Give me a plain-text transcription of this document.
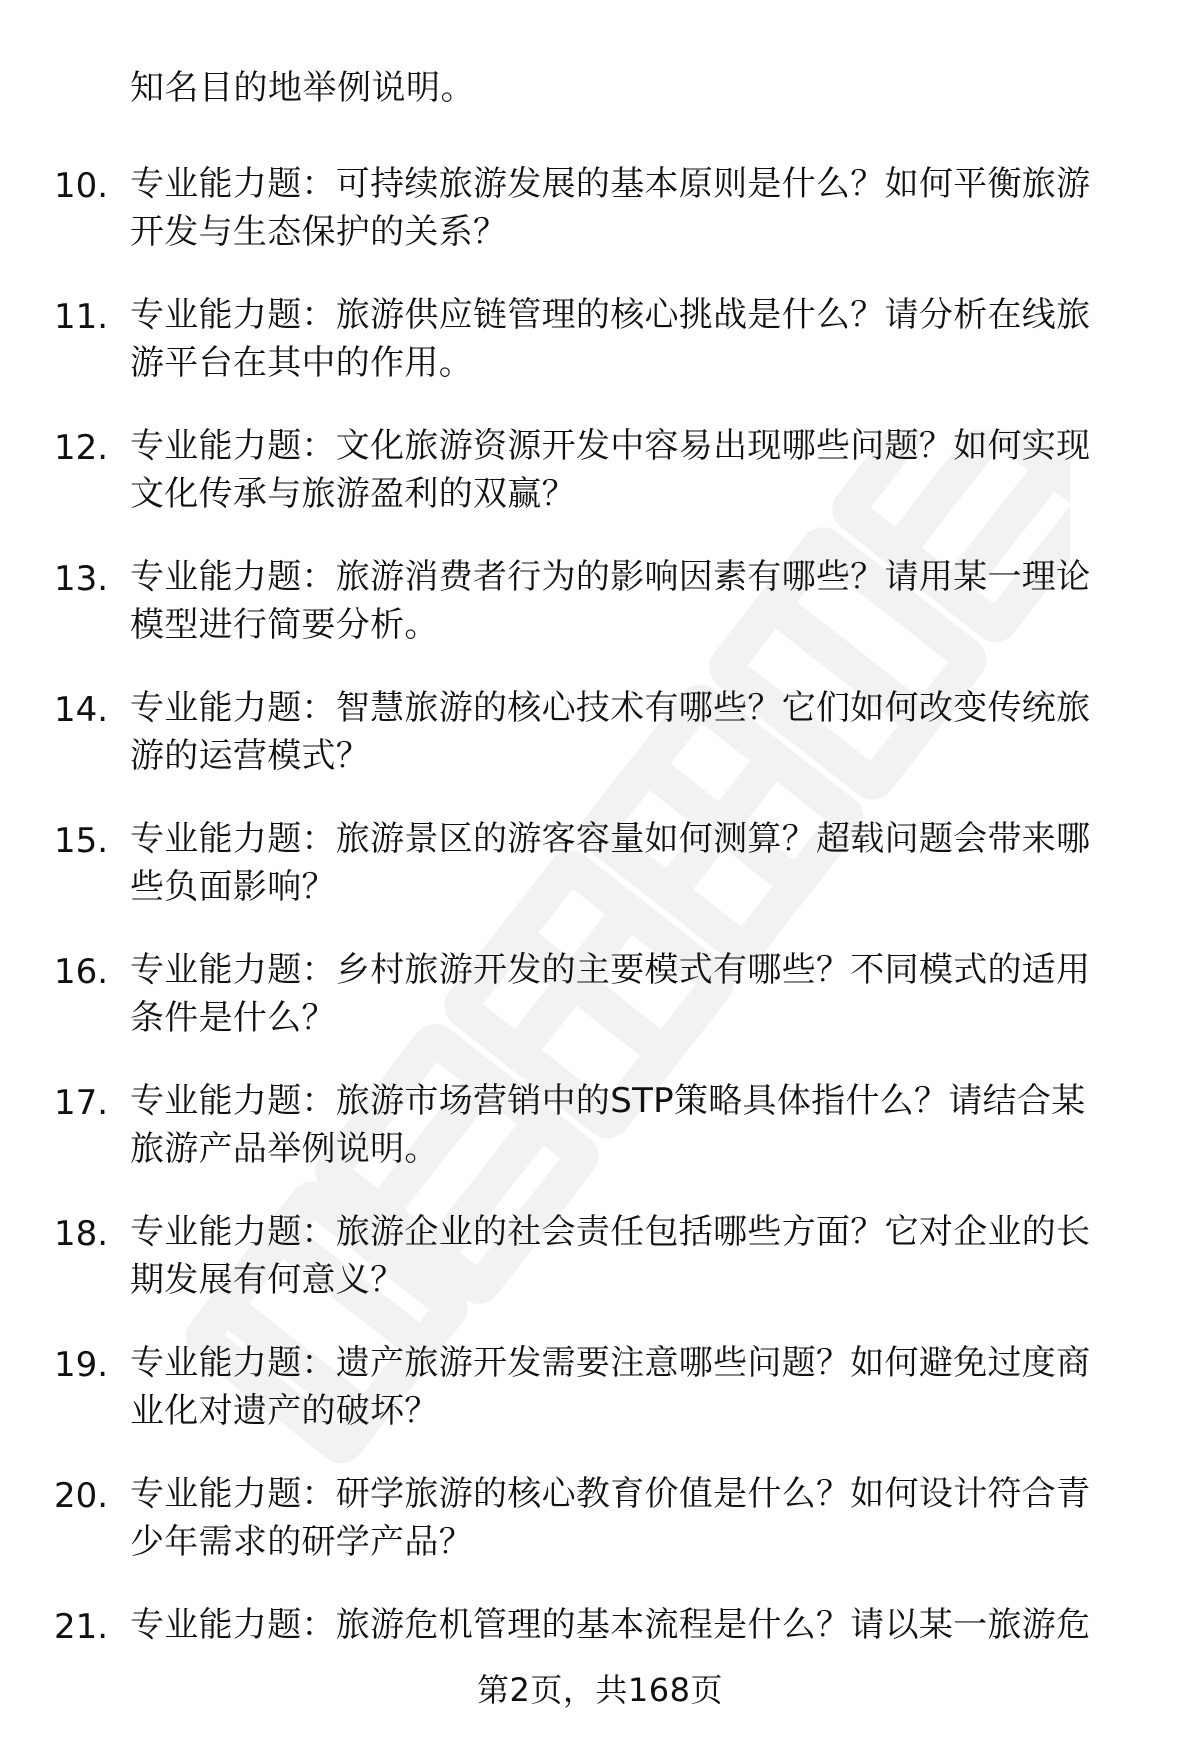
知名目的地举例说明。
10. 专业能力题：可持续旅游发展的基本原则是什么？如何平衡旅游
开发与生态保护的关系？
11. 专业能力题：旅游供应链管理的核心挑战是什么？请分析在线旅
游平台在其中的作用。
12. 专业能力题：文化旅游资源开发中容易出现哪些问题？如何实现
文化传承与旅游盈利的双赢？
13. 专业能力题：旅游消费者行为的影响因素有哪些？请用某一理论
模型进行简要分析。
14. 专业能力题：智慧旅游的核心技术有哪些？它们如何改变传统旅
游的运营模式？
15. 专业能力题：旅游景区的游客容量如何测算？超载问题会带来哪
些负面影响？
16. 专业能力题：乡村旅游开发的主要模式有哪些？不同模式的适用
条件是什么？
17. 专业能力题：旅游市场营销中的STP策略具体指什么？请结合某
旅游产品举例说明。
18. 专业能力题：旅游企业的社会责任包括哪些方面？它对企业的长
期发展有何意义？
19. 专业能力题：遗产旅游开发需要注意哪些问题？如何避免过度商
业化对遗产的破坏？
20. 专业能力题：研学旅游的核心教育价值是什么？如何设计符合青
少年需求的研学产品？
21. 专业能力题：旅游危机管理的基本流程是什么？请以某一旅游危
第2页，共168页
